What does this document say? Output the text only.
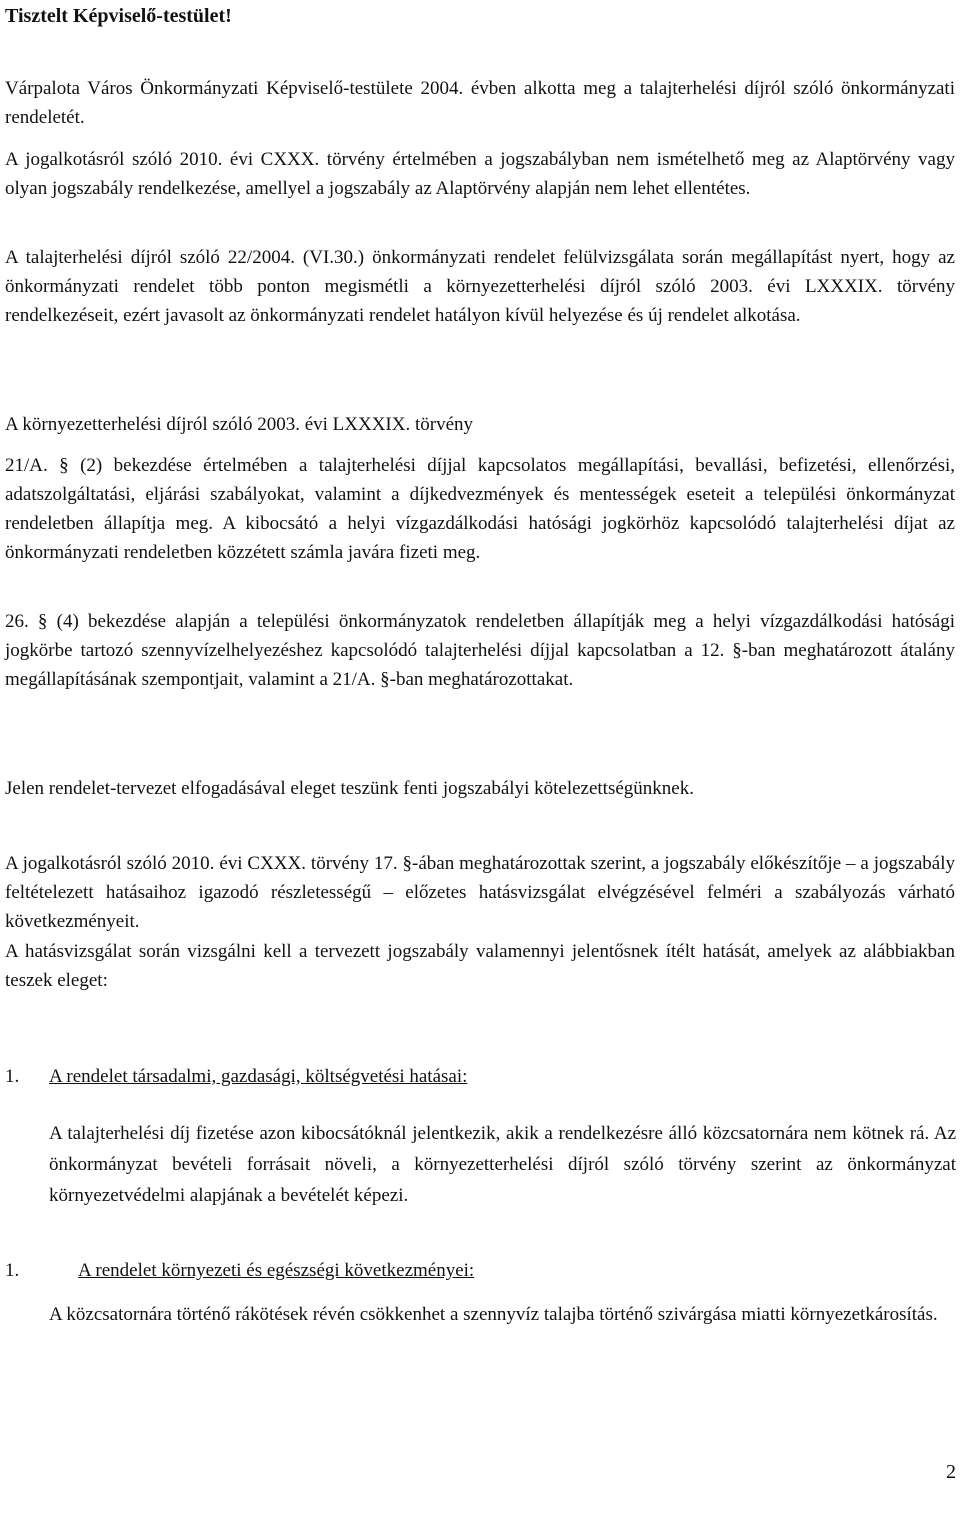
Tisztelt Képviselő-testület!

Várpalota Város Önkormányzati Képviselő-testülete 2004. évben alkotta meg a talajterhelési díjról szóló önkormányzati rendeletét.

A jogalkotásról szóló 2010. évi CXXX. törvény értelmében a jogszabályban nem ismételhető meg az Alaptörvény vagy olyan jogszabály rendelkezése, amellyel a jogszabály az Alaptörvény alapján nem lehet ellentétes.

A talajterhelési díjról szóló 22/2004. (VI.30.) önkormányzati rendelet felülvizsgálata során megállapítást nyert, hogy az önkormányzati rendelet több ponton megismétli a környezetterhelési díjról szóló 2003. évi LXXXIX. törvény rendelkezéseit, ezért javasolt az önkormányzati rendelet hatályon kívül helyezése és új rendelet alkotása.

A környezetterhelési díjról szóló 2003. évi LXXXIX. törvény

21/A. § (2) bekezdése értelmében a talajterhelési díjjal kapcsolatos megállapítási, bevallási, befizetési, ellenőrzési, adatszolgáltatási, eljárási szabályokat, valamint a díjkedvezmények és mentességek eseteit a települési önkormányzat rendeletben állapítja meg. A kibocsátó a helyi vízgazdálkodási hatósági jogkörhöz kapcsolódó talajterhelési díjat az önkormányzati rendeletben közzétett számla javára fizeti meg.

26. § (4) bekezdése alapján a települési önkormányzatok rendeletben állapítják meg a helyi vízgazdálkodási hatósági jogkörbe tartozó szennyvízelhelyezéshez kapcsolódó talajterhelési díjjal kapcsolatban a 12. §-ban meghatározott átalány megállapításának szempontjait, valamint a 21/A. §-ban meghatározottakat.

Jelen rendelet-tervezet elfogadásával eleget teszünk fenti jogszabályi kötelezettségünknek.

A jogalkotásról szóló 2010. évi CXXX. törvény 17. §-ában meghatározottak szerint, a jogszabály előkészítője – a jogszabály feltételezett hatásaihoz igazodó részletességű – előzetes hatásvizsgálat elvégzésével felméri a szabályozás várható következményeit.

A hatásvizsgálat során vizsgálni kell a tervezett jogszabály valamennyi jelentősnek ítélt hatását, amelyek az alábbiakban teszek eleget:

1. A rendelet társadalmi, gazdasági, költségvetési hatásai:

A talajterhelési díj fizetése azon kibocsátóknál jelentkezik, akik a rendelkezésre álló közcsatornára nem kötnek rá. Az önkormányzat bevételi forrásait növeli, a környezetterhelési díjról szóló törvény szerint az önkormányzat környezetvédelmi alapjának a bevételét képezi.

1.	A rendelet környezeti és egészségi következményei:

A közcsatornára történő rákötések révén csökkenhet a szennyvíz talajba történő szivárgása miatti környezetkárosítás.

2
